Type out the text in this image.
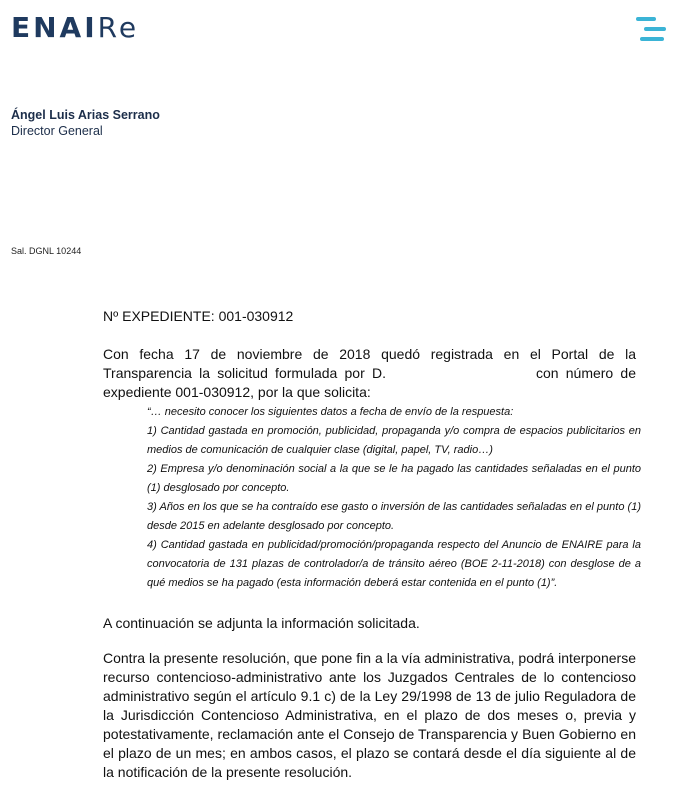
ENAIRe
Ángel Luis Arias Serrano
Director General
Sal. DGNL 10244
Nº EXPEDIENTE: 001-030912
Con fecha 17 de noviembre de 2018 quedó registrada en el Portal de la Transparencia la solicitud formulada por D.	con número de expediente 001-030912, por la que solicita:
“… necesito conocer los siguientes datos a fecha de envío de la respuesta:
1) Cantidad gastada en promoción, publicidad, propaganda y/o compra de espacios publicitarios en medios de comunicación de cualquier clase (digital, papel, TV, radio…)
2) Empresa y/o denominación social a la que se le ha pagado las cantidades señaladas en el punto (1) desglosado por concepto.
3) Años en los que se ha contraído ese gasto o inversión de las cantidades señaladas en el punto (1) desde 2015 en adelante desglosado por concepto.
4) Cantidad gastada en publicidad/promoción/propaganda respecto del Anuncio de ENAIRE para la convocatoria de 131 plazas de controlador/a de tránsito aéreo (BOE 2-11-2018) con desglose de a qué medios se ha pagado (esta información deberá estar contenida en el punto (1)”.
A continuación se adjunta la información solicitada.
Contra la presente resolución, que pone fin a la vía administrativa, podrá interponerse recurso contencioso-administrativo ante los Juzgados Centrales de lo contencioso administrativo según el artículo 9.1 c) de la Ley 29/1998 de 13 de julio Reguladora de la Jurisdicción Contencioso Administrativa, en el plazo de dos meses o, previa y potestativamente, reclamación ante el Consejo de Transparencia y Buen Gobierno en el plazo de un mes; en ambos casos, el plazo se contará desde el día siguiente al de la notificación de la presente resolución.
